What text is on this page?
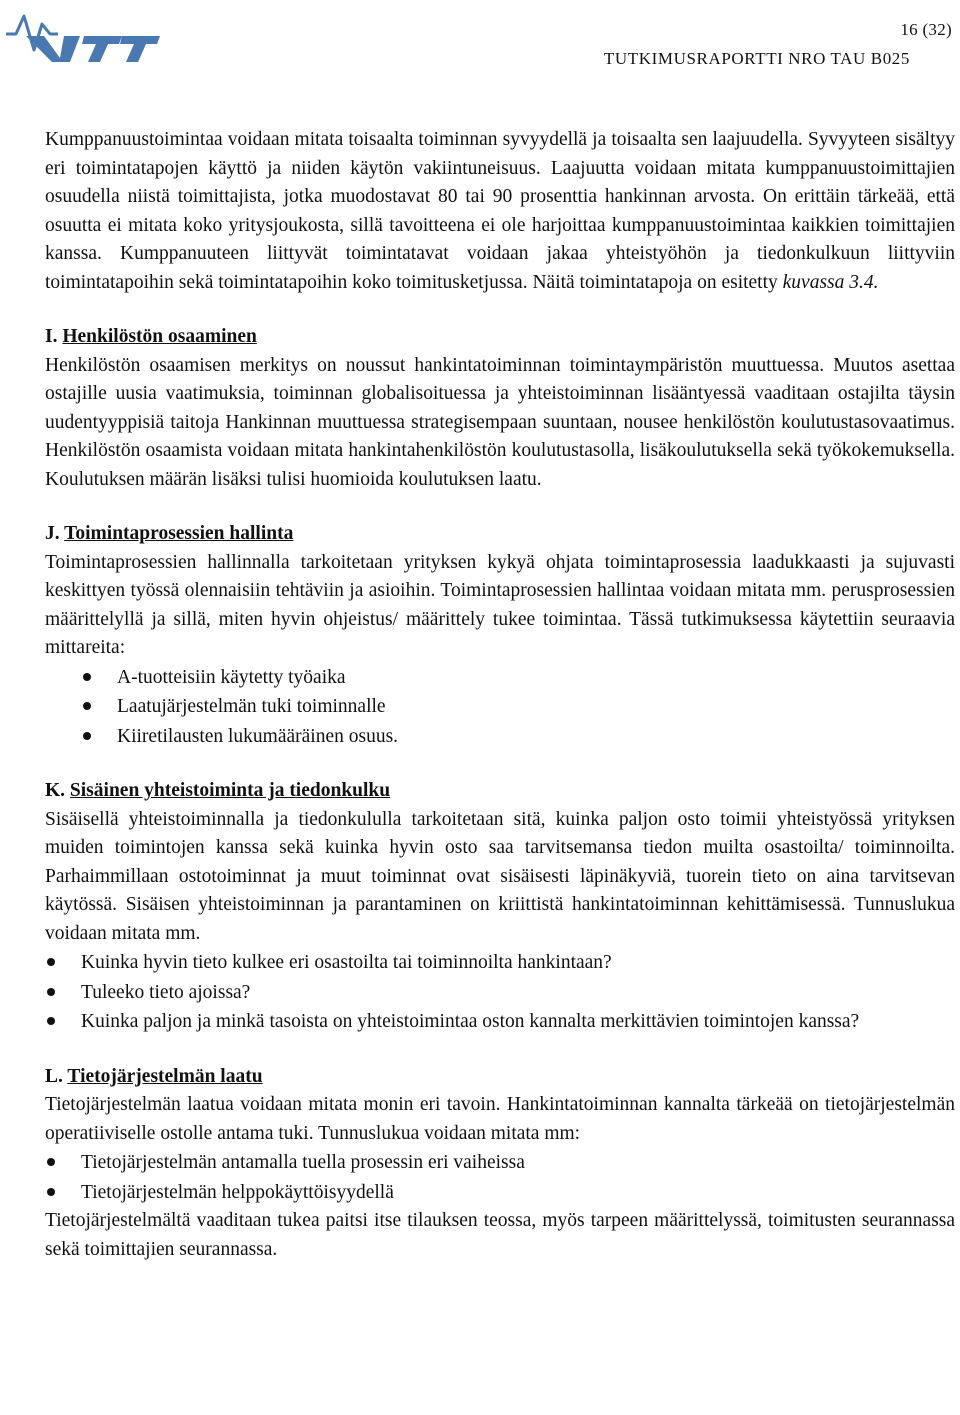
16 (32)
TUTKIMUSRAPORTTI NRO TAU B025

Kumppanuustoimintaa voidaan mitata toisaalta toiminnan syvyydellä ja toisaalta sen laajuudella. Syvyyteen sisältyy eri toimintatapojen käyttö ja niiden käytön vakiintuneisuus. Laajuutta voidaan mitata kumppanuustoimittajien osuudella niistä toimittajista, jotka muodostavat 80 tai 90 prosenttia hankinnan arvosta. On erittäin tärkeää, että osuutta ei mitata koko yritysjoukosta, sillä tavoitteena ei ole harjoittaa kumppanuustoimintaa kaikkien toimittajien kanssa. Kumppanuuteen liittyvät toimintatavat voidaan jakaa yhteistyöhön ja tiedonkulkuun liittyviin toimintatapoihin sekä toimintatapoihin koko toimitusketjussa. Näitä toimintatapoja on esitetty kuvassa 3.4.

I. Henkilöstön osaaminen

Henkilöstön osaamisen merkitys on noussut hankintatoiminnan toimintaympäristön muuttuessa. Muutos asettaa ostajille uusia vaatimuksia, toiminnan globalisoituessa ja yhteistoiminnan lisääntyessä vaaditaan ostajilta täysin uudentyyppisiä taitoja Hankinnan muuttuessa strategisempaan suuntaan, nousee henkilöstön koulutustasovaatimus. Henkilöstön osaamista voidaan mitata hankintahenkilöstön koulutustasolla, lisäkoulutuksella sekä työkokemuksella. Koulutuksen määrän lisäksi tulisi huomioida koulutuksen laatu.

J. Toimintaprosessien hallinta

Toimintaprosessien hallinnalla tarkoitetaan yrityksen kykyä ohjata toimintaprosessia laadukkaasti ja sujuvasti keskittyen työssä olennaisiin tehtäviin ja asioihin. Toimintaprosessien hallintaa voidaan mitata mm. perusprosessien määrittelyllä ja sillä, miten hyvin ohjeistus/ määrittely tukee toimintaa. Tässä tutkimuksessa käytettiin seuraavia mittareita:

A-tuotteisiin käytetty työaika
Laatujärjestelmän tuki toiminnalle
Kiiretilausten lukumääräinen osuus.
K. Sisäinen yhteistoiminta ja tiedonkulku

Sisäisellä yhteistoiminnalla ja tiedonkululla tarkoitetaan sitä, kuinka paljon osto toimii yhteistyössä yrityksen muiden toimintojen kanssa sekä kuinka hyvin osto saa tarvitsemansa tiedon muilta osastoilta/ toiminnoilta. Parhaimmillaan ostotoiminnat ja muut toiminnat ovat sisäisesti läpinäkyviä, tuorein tieto on aina tarvitsevan käytössä. Sisäisen yhteistoiminnan ja parantaminen on kriittistä hankintatoiminnan kehittämisessä. Tunnuslukua voidaan mitata mm.

Kuinka hyvin tieto kulkee eri osastoilta tai toiminnoilta hankintaan?
Tuleeko tieto ajoissa?
Kuinka paljon ja minkä tasoista on yhteistoimintaa oston kannalta merkittävien toimintojen kanssa?
L. Tietojärjestelmän laatu

Tietojärjestelmän laatua voidaan mitata monin eri tavoin. Hankintatoiminnan kannalta tärkeää on tietojärjestelmän operatiiviselle ostolle antama tuki. Tunnuslukua voidaan mitata mm:

Tietojärjestelmän antamalla tuella prosessin eri vaiheissa
Tietojärjestelmän helppokäyttöisyydellä

Tietojärjestelmältä vaaditaan tukea paitsi itse tilauksen teossa, myös tarpeen määrittelyssä, toimitusten seurannassa sekä toimittajien seurannassa.
